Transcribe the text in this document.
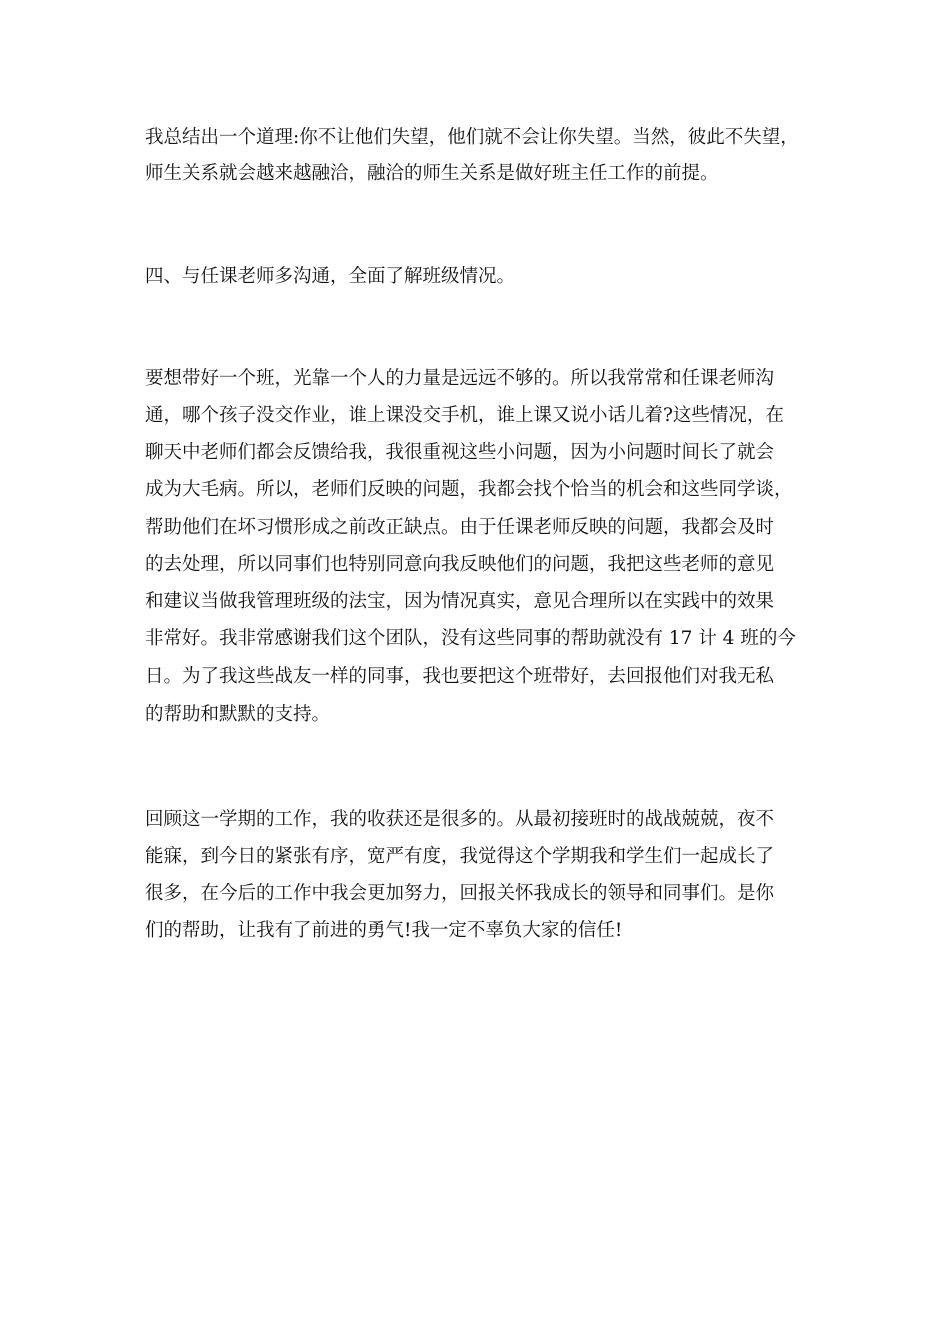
我总结出一个道理:你不让他们失望，他们就不会让你失望。当然，彼此不失望，

师生关系就会越来越融洽，融洽的师生关系是做好班主任工作的前提。

四、与任课老师多沟通，全面了解班级情况。

要想带好一个班，光靠一个人的力量是远远不够的。所以我常常和任课老师沟

通，哪个孩子没交作业，谁上课没交手机，谁上课又说小话儿着?这些情况，在

聊天中老师们都会反馈给我，我很重视这些小问题，因为小问题时间长了就会

成为大毛病。所以，老师们反映的问题，我都会找个恰当的机会和这些同学谈，

帮助他们在坏习惯形成之前改正缺点。由于任课老师反映的问题，我都会及时

的去处理，所以同事们也特别同意向我反映他们的问题，我把这些老师的意见

和建议当做我管理班级的法宝，因为情况真实，意见合理所以在实践中的效果

非常好。我非常感谢我们这个团队，没有这些同事的帮助就没有 17 计 4 班的今

日。为了我这些战友一样的同事，我也要把这个班带好，去回报他们对我无私

的帮助和默默的支持。

回顾这一学期的工作，我的收获还是很多的。从最初接班时的战战兢兢，夜不

能寐，到今日的紧张有序，宽严有度，我觉得这个学期我和学生们一起成长了

很多，在今后的工作中我会更加努力，回报关怀我成长的领导和同事们。是你

们的帮助，让我有了前进的勇气!我一定不辜负大家的信任!
